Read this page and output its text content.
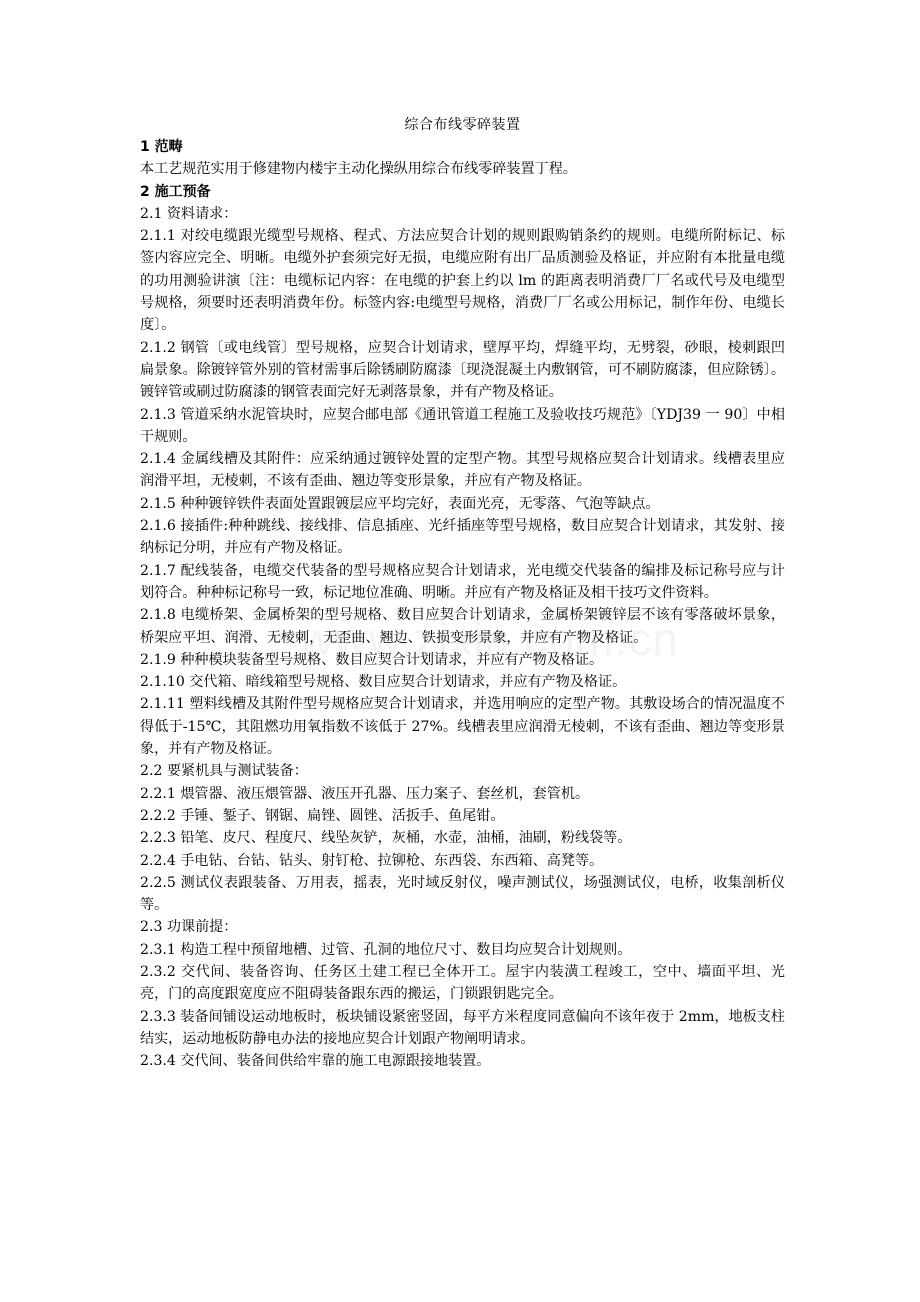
综合布线零碎装置

1 范畴

本工艺规范实用于修建物内楼宇主动化操纵用综合布线零碎装置丁程。

2 施工预备

2.1 资料请求：

2.1.1 对绞电缆跟光缆型号规格、程式、方法应契合计划的规则跟购销条约的规则。电缆所附标记、标签内容应完全、明晰。电缆外护套须完好无损，电缆应附有出厂品质测验及格证，并应附有本批量电缆的功用测验讲演〔注：电缆标记内容：在电缆的护套上约以 lm 的距离表明消费厂厂名或代号及电缆型号规格，须要时还表明消费年份。标签内容:电缆型号规格，消费厂厂名或公用标记，制作年份、电缆长度〕。

2.1.2 钢管〔或电线管〕型号规格，应契合计划请求，壁厚平均，焊缝平均，无劈裂，砂眼，棱刺跟凹扁景象。除镀锌管外别的管材需事后除锈刷防腐漆〔现浇混凝土内敷钢管，可不刷防腐漆，但应除锈〕。镀锌管或刷过防腐漆的钢管表面完好无剥落景象，并有产物及格证。

2.1.3 管道采纳水泥管块时，应契合邮电部《通讯管道工程施工及验收技巧规范》〔YDJ39 一 90〕中相干规则。

2.1.4 金属线槽及其附件：应采纳通过镀锌处置的定型产物。其型号规格应契合计划请求。线槽表里应润滑平坦，无棱刺，不该有歪曲、翘边等变形景象，并应有产物及格证。

2.1.5 种种镀锌铁件表面处置跟镀层应平均完好，表面光亮，无零落、气泡等缺点。

2.1.6 接插件:种种跳线、接线排、信息插座、光纤插座等型号规格，数目应契合计划请求，其发射、接纳标记分明，并应有产物及格证。

2.1.7 配线装备，电缆交代装备的型号规格应契合计划请求，光电缆交代装备的编排及标记称号应与计划符合。种种标记称号一致，标记地位准确、明晰。并应有产物及格证及相干技巧文件资料。

2.1.8 电缆桥架、金属桥架的型号规格、数目应契合计划请求，金属桥架镀锌层不该有零落破坏景象，桥架应平坦、润滑、无棱刺，无歪曲、翘边、铁损变形景象，并应有产物及格证。

2.1.9 种种模块装备型号规格、数目应契合计划请求，并应有产物及格证。

2.1.10 交代箱、暗线箱型号规格、数目应契合计划请求，并应有产物及格证。

2.1.11 塑料线槽及其附件型号规格应契合计划请求，并选用响应的定型产物。其敷设场合的情况温度不得低于-15℃，其阻燃功用氧指数不该低于 27%。线槽表里应润滑无棱刺，不该有歪曲、翘边等变形景象，并有产物及格证。

2.2 要紧机具与测试装备：

2.2.1 煨管器、液压煨管器、液压开孔器、压力案子、套丝机，套管机。

2.2.2 手锤、錾子、钢锯、扁锉、圆锉、活扳手、鱼尾钳。

2.2.3 铅笔、皮尺、程度尺、线坠灰铲，灰桶，水壶，油桶，油刷，粉线袋等。

2.2.4 手电钻、台钻、钻头、射钉枪、拉铆枪、东西袋、东西箱、高凳等。

2.2.5 测试仪表跟装备、万用表，摇表，光时域反射仪，噪声测试仪，场强测试仪，电桥，收集剖析仪等。

2.3 功课前提：

2.3.1 构造工程中预留地槽、过管、孔洞的地位尺寸、数目均应契合计划规则。

2.3.2 交代间、装备咨询、任务区土建工程已全体开工。屋宇内装潢工程竣工，空中、墙面平坦、光亮，门的高度跟宽度应不阻碍装备跟东西的搬运，门锁跟钥匙完全。

2.3.3 装备间铺设运动地板时，板块铺设紧密竖固，每平方米程度同意偏向不该年夜于 2mm，地板支柱结实，运动地板防静电办法的接地应契合计划跟产物阐明请求。

2.3.4 交代间、装备间供给牢靠的施工电源跟接地装置。
